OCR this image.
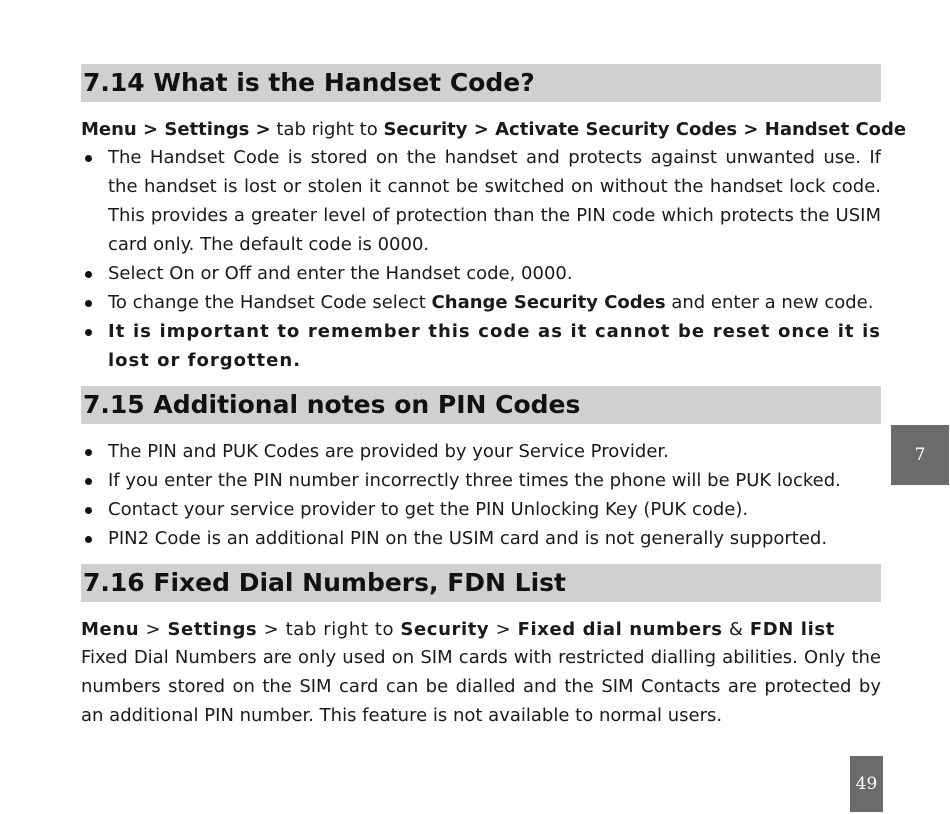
7.14 What is the Handset Code?
Menu > Settings > tab right to Security > Activate Security Codes > Handset Code
The Handset Code is stored on the handset and protects against unwanted use. If the handset is lost or stolen it cannot be switched on without the handset lock code. This provides a greater level of protection than the PIN code which protects the USIM card only. The default code is 0000.
Select On or Off and enter the Handset code, 0000.
To change the Handset Code select Change Security Codes and enter a new code.
It is important to remember this code as it cannot be reset once it is lost or forgotten.
7.15 Additional notes on PIN Codes
The PIN and PUK Codes are provided by your Service Provider.
If you enter the PIN number incorrectly three times the phone will be PUK locked.
Contact your service provider to get the PIN Unlocking Key (PUK code).
PIN2 Code is an additional PIN on the USIM card and is not generally supported.
7.16 Fixed Dial Numbers, FDN List
Menu > Settings > tab right to Security > Fixed dial numbers & FDN list

Fixed Dial Numbers are only used on SIM cards with restricted dialling abilities. Only the numbers stored on the SIM card can be dialled and the SIM Contacts are protected by an additional PIN number. This feature is not available to normal users.

7
49
